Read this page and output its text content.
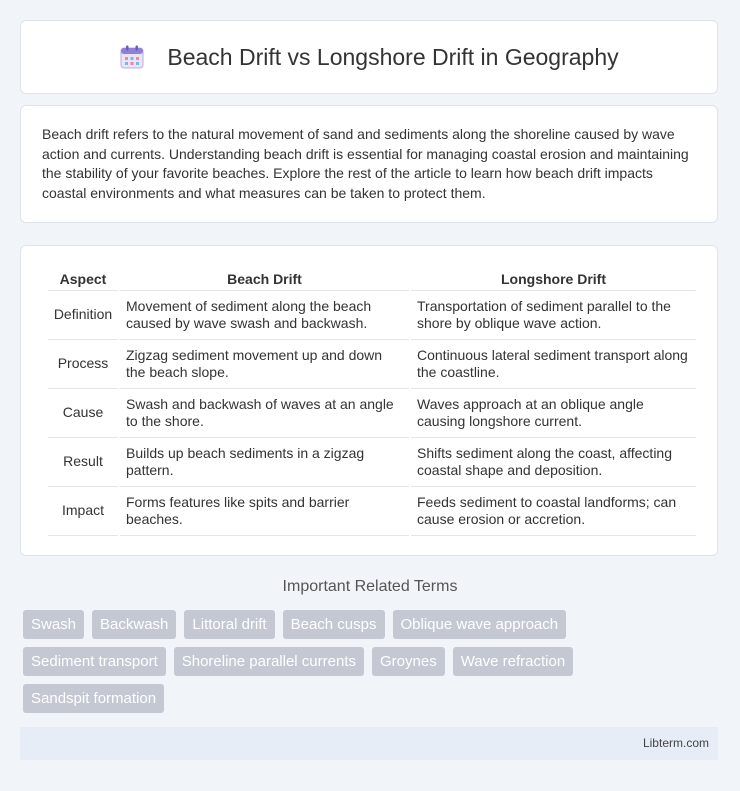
Beach Drift vs Longshore Drift in Geography

Beach drift refers to the natural movement of sand and sediments along the shoreline caused by wave action and currents. Understanding beach drift is essential for managing coastal erosion and maintaining the stability of your favorite beaches. Explore the rest of the article to learn how beach drift impacts coastal environments and what measures can be taken to protect them.

Aspect	Beach Drift	Longshore Drift
Definition	Movement of sediment along the beach caused by wave swash and backwash.	Transportation of sediment parallel to the shore by oblique wave action.
Process	Zigzag sediment movement up and down the beach slope.	Continuous lateral sediment transport along the coastline.
Cause	Swash and backwash of waves at an angle to the shore.	Waves approach at an oblique angle causing longshore current.
Result	Builds up beach sediments in a zigzag pattern.	Shifts sediment along the coast, affecting coastal shape and deposition.
Impact	Forms features like spits and barrier beaches.	Feeds sediment to coastal landforms; can cause erosion or accretion.
Important Related Terms
Swash	Backwash	Littoral drift	Beach cusps	Oblique wave approach
Sediment transport	Shoreline parallel currents	Groynes	Wave refraction
Sandspit formation
Libterm.com
